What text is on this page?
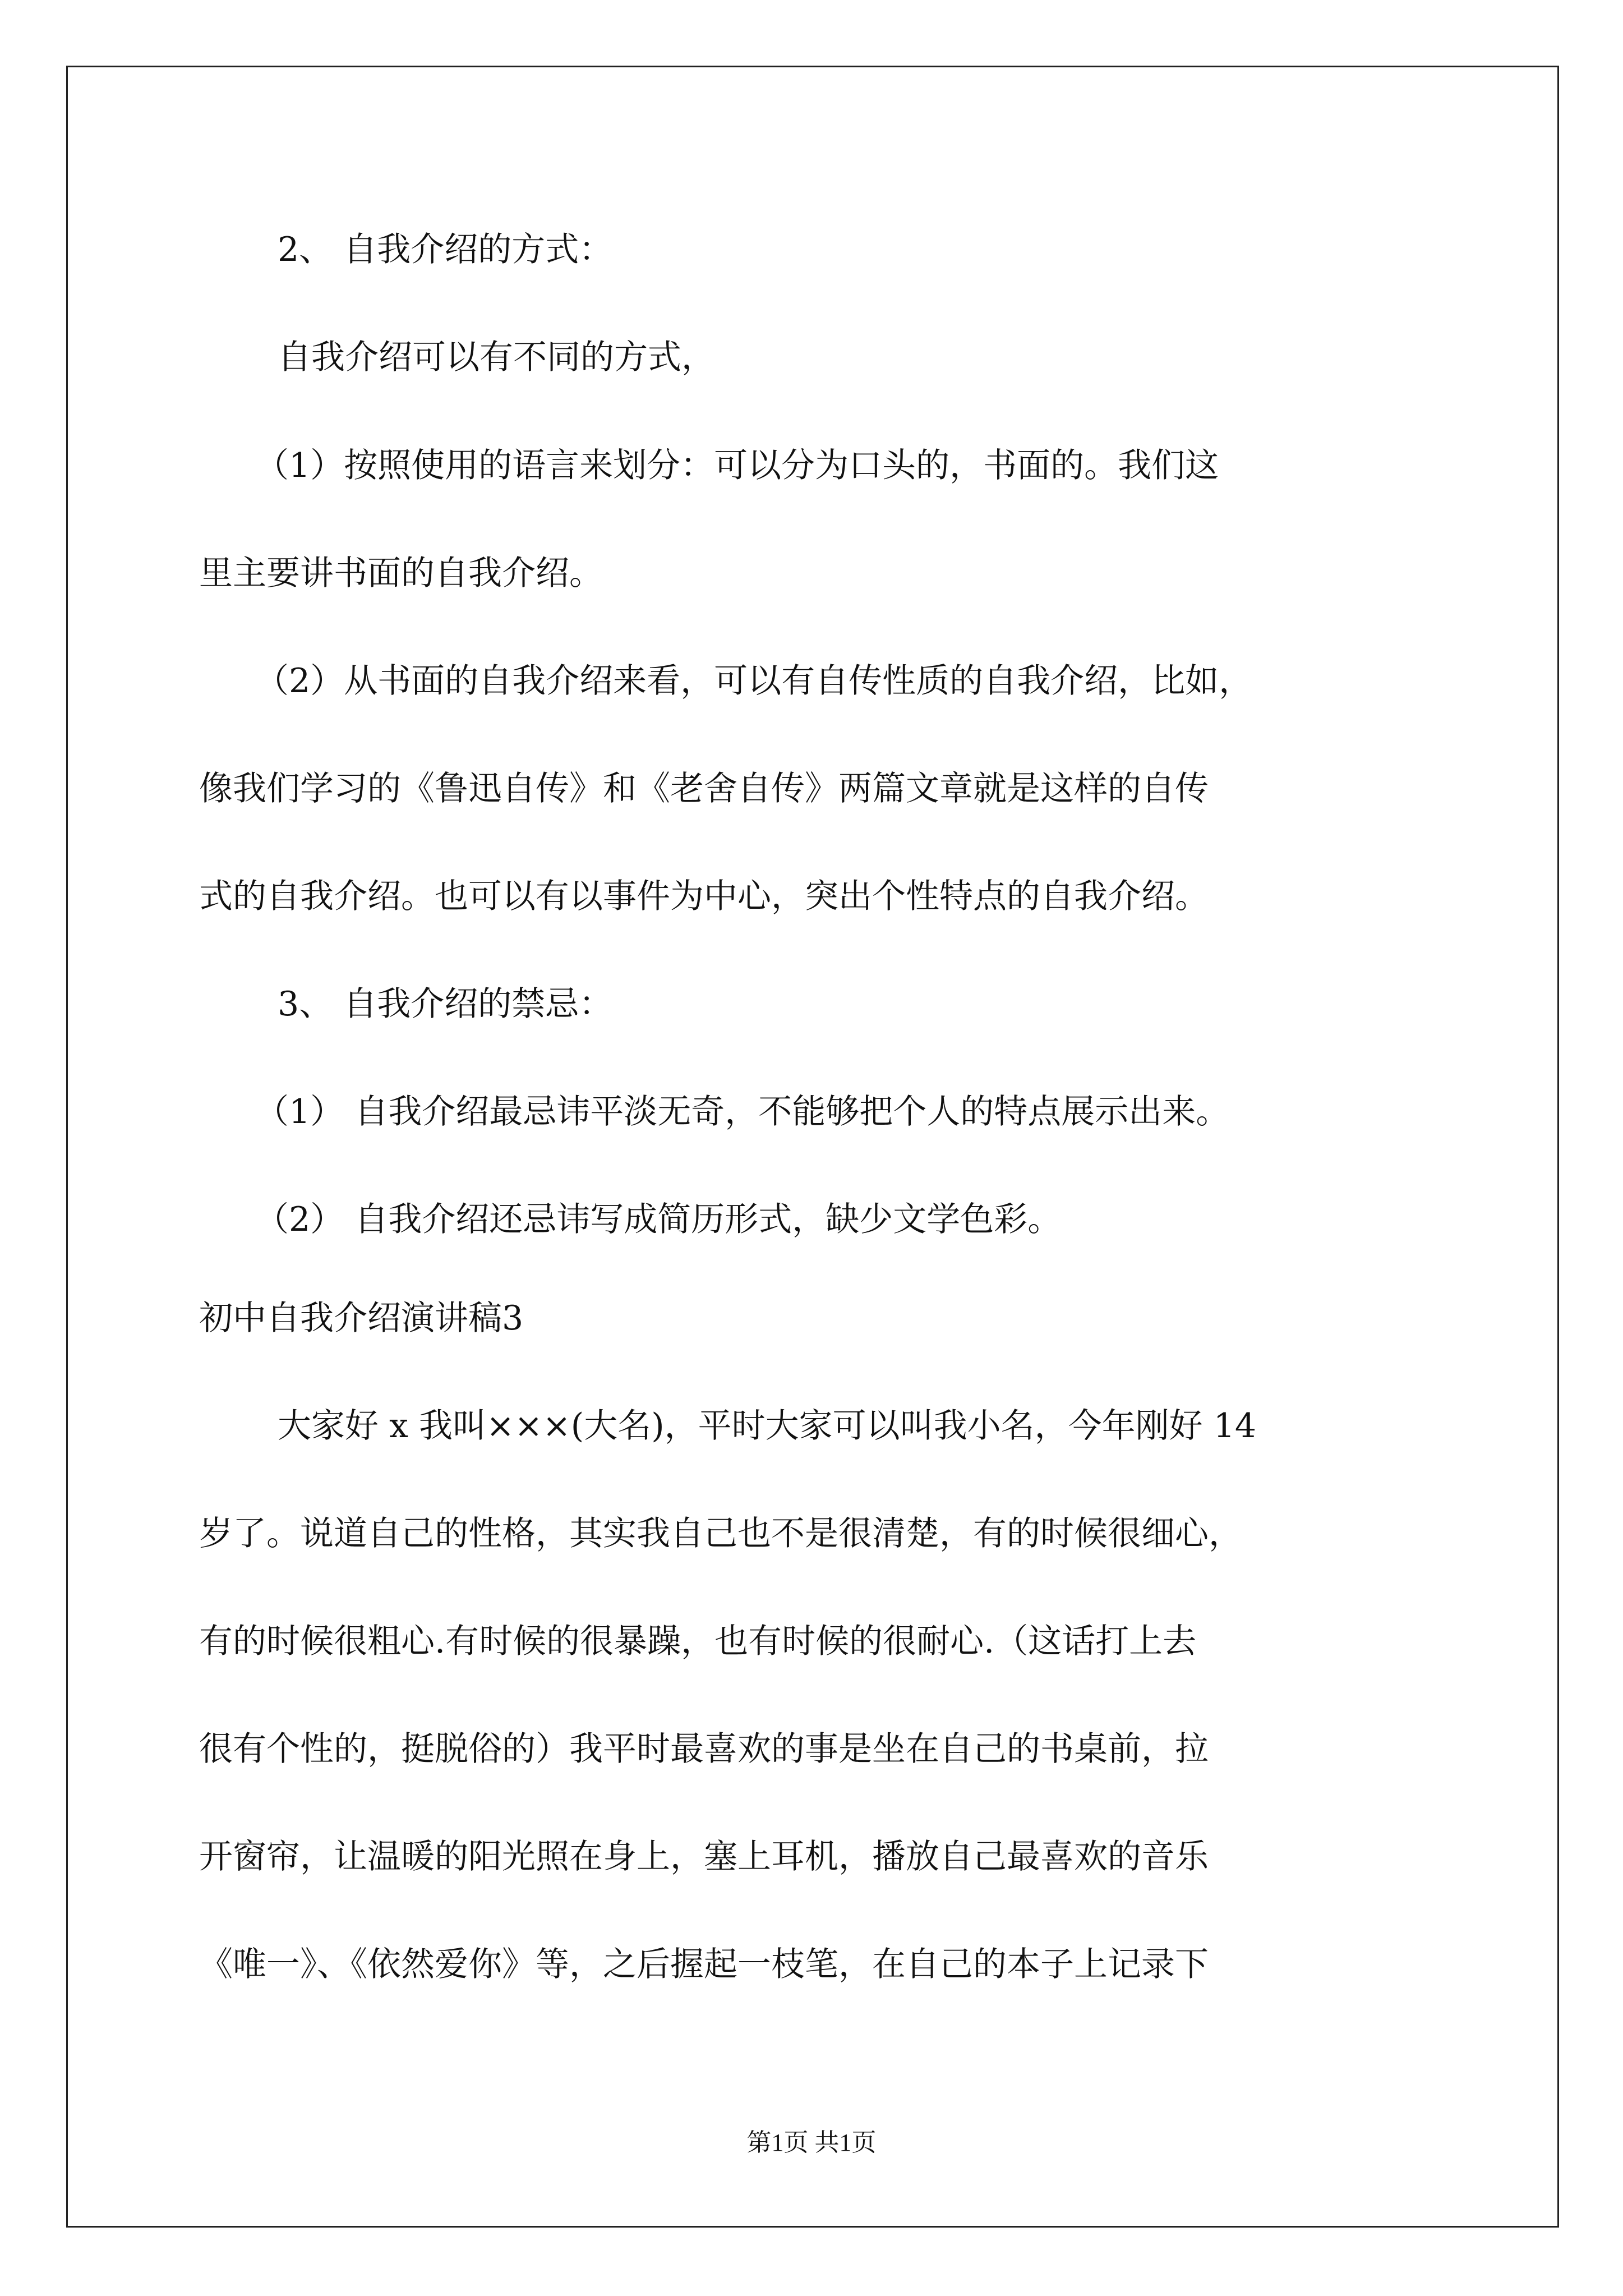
2、 自我介绍的方式：
自我介绍可以有不同的方式，
（1）按照使用的语言来划分：可以分为口头的，书面的。我们这
里主要讲书面的自我介绍。
（2）从书面的自我介绍来看，可以有自传性质的自我介绍，比如，
像我们学习的《鲁迅自传》和《老舍自传》两篇文章就是这样的自传
式的自我介绍。也可以有以事件为中心，突出个性特点的自我介绍。
3、 自我介绍的禁忌：
（1） 自我介绍最忌讳平淡无奇，不能够把个人的特点展示出来。
（2） 自我介绍还忌讳写成简历形式，缺少文学色彩。
初中自我介绍演讲稿3
大家好 x 我叫×××(大名)，平时大家可以叫我小名，今年刚好 14
岁了。说道自己的性格，其实我自己也不是很清楚，有的时候很细心，
有的时候很粗心.有时候的很暴躁，也有时候的很耐心.（这话打上去
很有个性的，挺脱俗的）我平时最喜欢的事是坐在自己的书桌前，拉
开窗帘，让温暖的阳光照在身上，塞上耳机，播放自己最喜欢的音乐
《唯一》、《依然爱你》等，之后握起一枝笔，在自己的本子上记录下
第1页 共1页
